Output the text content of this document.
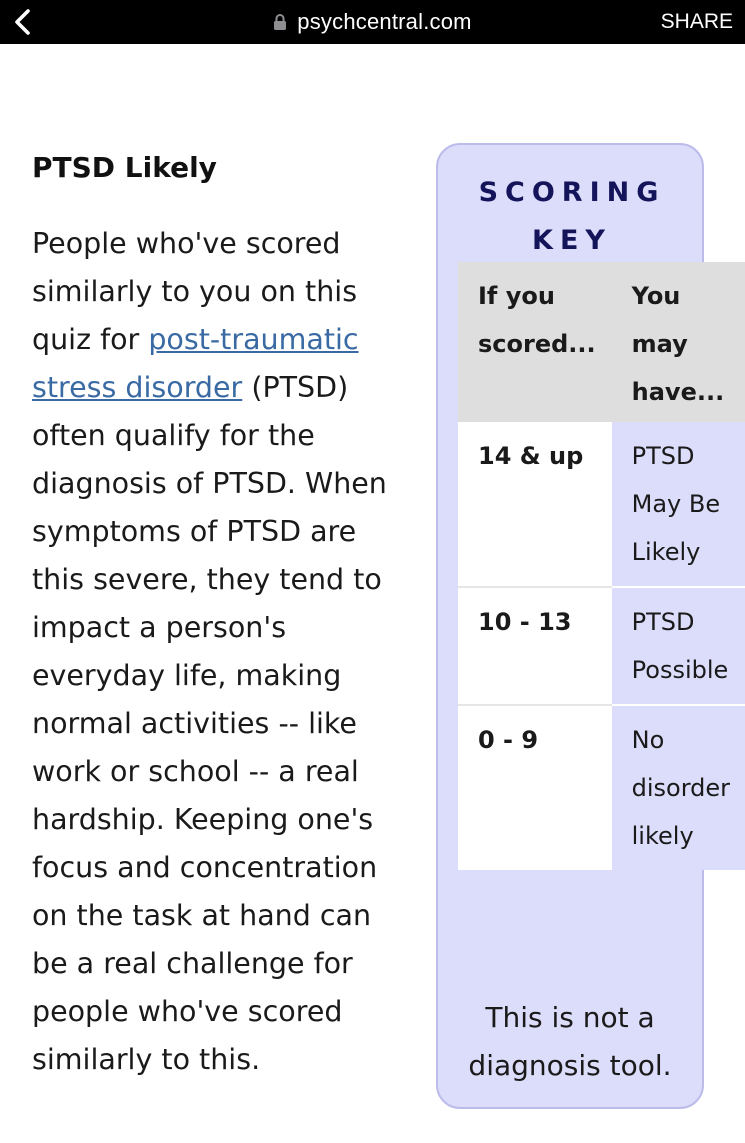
psychcentral.com	SHARE
PTSD Likely

People who've scored similarly to you on this quiz for post-traumatic stress disorder (PTSD) often qualify for the diagnosis of PTSD. When symptoms of PTSD are this severe, they tend to impact a person's everyday life, making normal activities -- like work or school -- a real hardship. Keeping one's focus and concentration on the task at hand can be a real challenge for people who've scored similarly to this.

SCORING KEY
If you scored...	You may have...
14 & up	PTSD May Be Likely
10 - 13	PTSD Possible
0 - 9	No disorder likely
This is not a diagnosis tool.
